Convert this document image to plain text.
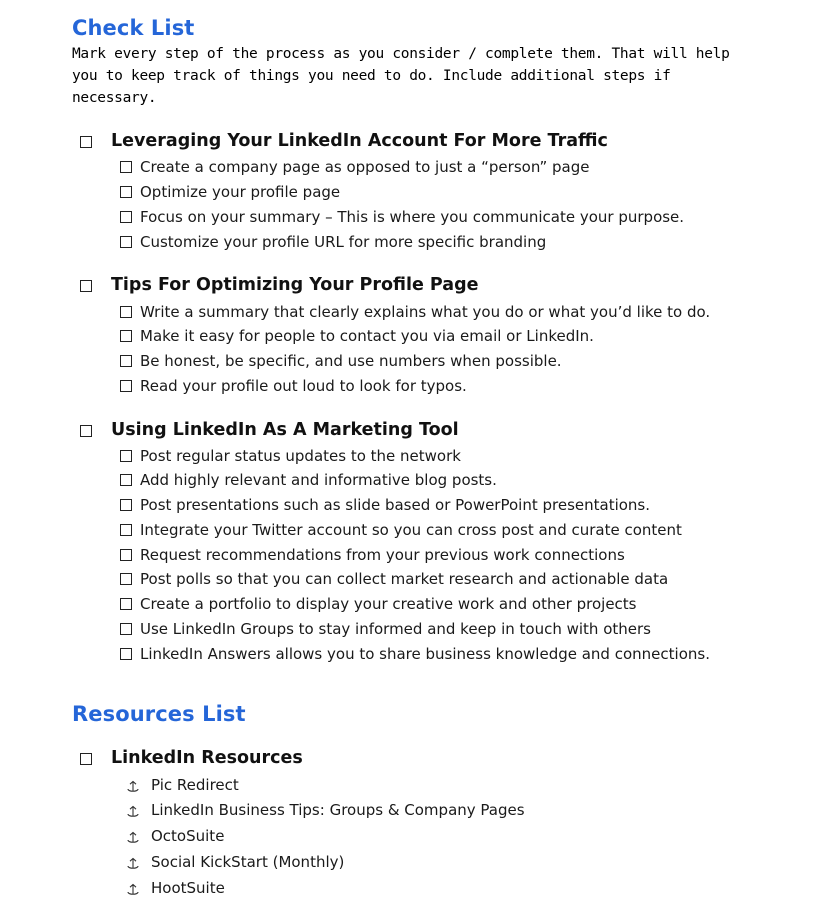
Check List

Mark every step of the process as you consider / complete them. That will help you to keep track of things you need to do. Include additional steps if necessary.

Leveraging Your LinkedIn Account For More Traffic
Create a company page as opposed to just a “person” page
Optimize your profile page
Focus on your summary – This is where you communicate your purpose.
Customize your profile URL for more specific branding
Tips For Optimizing Your Profile Page
Write a summary that clearly explains what you do or what you’d like to do.
Make it easy for people to contact you via email or LinkedIn.
Be honest, be specific, and use numbers when possible.
Read your profile out loud to look for typos.
Using LinkedIn As A Marketing Tool
Post regular status updates to the network
Add highly relevant and informative blog posts.
Post presentations such as slide based or PowerPoint presentations.
Integrate your Twitter account so you can cross post and curate content
Request recommendations from your previous work connections
Post polls so that you can collect market research and actionable data
Create a portfolio to display your creative work and other projects
Use LinkedIn Groups to stay informed and keep in touch with others
LinkedIn Answers allows you to share business knowledge and connections.
Resources List
LinkedIn Resources
Pic Redirect
LinkedIn Business Tips: Groups & Company Pages
OctoSuite
Social KickStart (Monthly)
HootSuite
